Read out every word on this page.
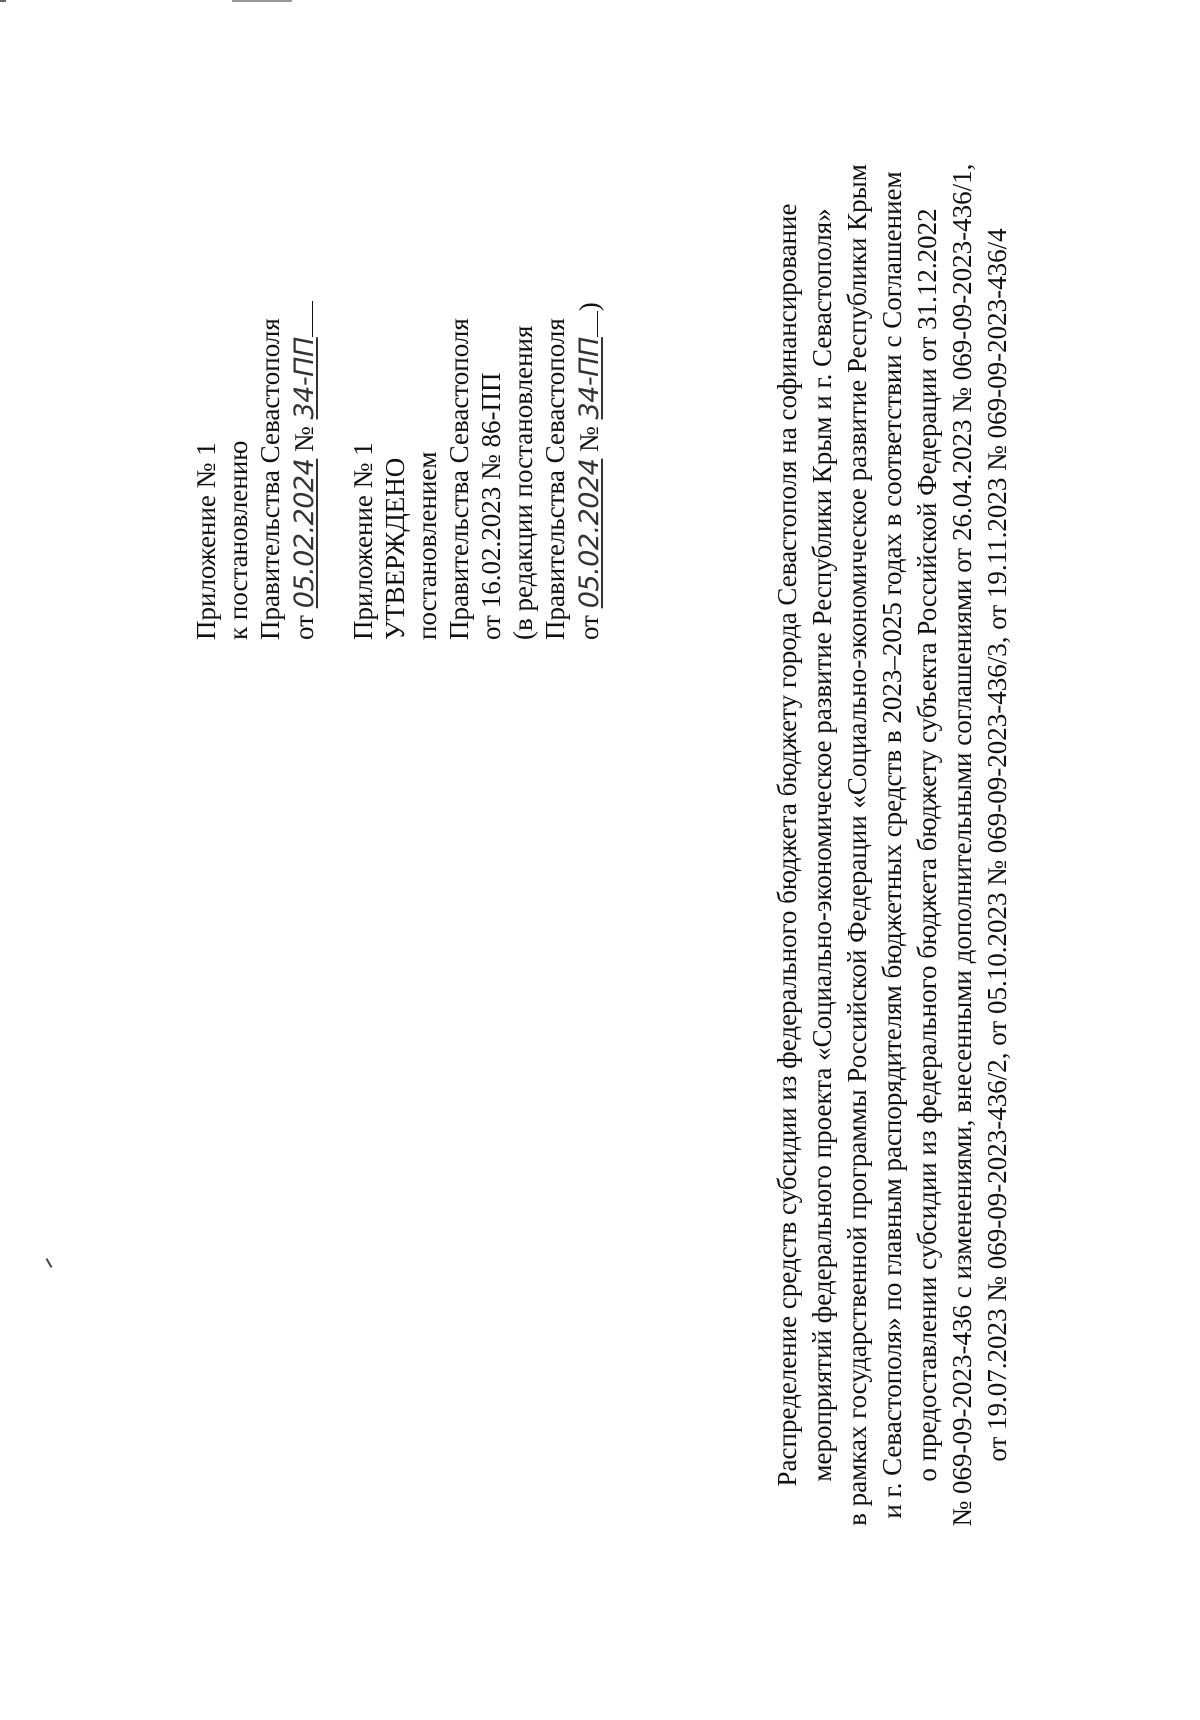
Приложение № 1 к постановлению Правительства Севастополя от 05.02.2024 № 34-ПП
Приложение № 1 УТВЕРЖДЕНО постановлением Правительства Севастополя от 16.02.2023 № 86-ПП (в редакции постановления Правительства Севастополя от 05.02.2024 № 34-ПП)	Распределение средств субсидии из федерального бюджета бюджету города Севастополя на софинансирование мероприятий федерального проекта «Социально-экономическое развитие Республики Крым и г. Севастополя» в рамках государственной программы Российской Федерации «Социально-экономическое развитие Республики Крым и г. Севастополя» по главным распорядителям бюджетных средств в 2023–2025 годах в соответствии с Соглашением о предоставлении субсидии из федерального бюджета бюджету субъекта Российской Федерации от 31.12.2022 № 069-09-2023-436 с изменениями, внесенными дополнительными соглашениями от 26.04.2023 № 069-09-2023-436/1, от 19.07.2023 № 069-09-2023-436/2, от 05.10.2023 № 069-09-2023-436/3, от 19.11.2023 № 069-09-2023-436/4
